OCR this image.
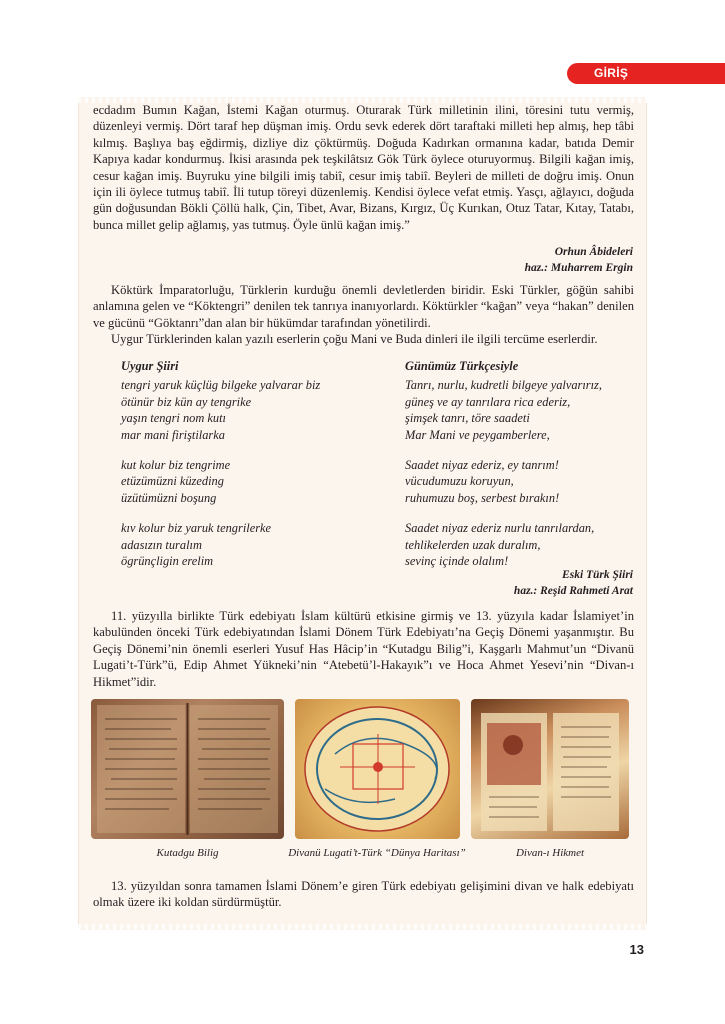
GİRİŞ

ecdadım Bumın Kağan, İstemi Kağan oturmuş. Oturarak Türk milletinin ilini, töresini tutu vermiş, düzenleyi vermiş. Dört taraf hep düşman imiş. Ordu sevk ederek dört taraftaki milleti hep almış, hep tâbi kılmış. Başlıya baş eğdirmiş, dizliye diz çöktürmüş. Doğuda Kadırkan ormanına kadar, batıda Demir Kapıya kadar kondurmuş. İkisi arasında pek teşkilâtsız Gök Türk öylece oturuyormuş. Bilgili kağan imiş, cesur kağan imiş. Buyruku yine bilgili imiş tabiî, cesur imiş tabiî. Beyleri de milleti de doğru imiş. Onun için ili öylece tutmuş tabiî. İli tutup töreyi düzenlemiş. Kendisi öylece vefat etmiş. Yasçı, ağlayıcı, doğuda gün doğusundan Bökli Çöllü halk, Çin, Tibet, Avar, Bizans, Kırgız, Üç Kurıkan, Otuz Tatar, Kıtay, Tatabı, bunca millet gelip ağlamış, yas tutmuş. Öyle ünlü kağan imiş.”

Orhun Âbideleri
haz.: Muharrem Ergin

Köktürk İmparatorluğu, Türklerin kurduğu önemli devletlerden biridir. Eski Türkler, göğün sahibi anlamına gelen ve “Köktengri” denilen tek tanrıya inanıyorlardı. Köktürkler “kağan” veya “hakan” denilen ve gücünü “Göktanrı”dan alan bir hükümdar tarafından yönetilirdi.

Uygur Türklerinden kalan yazılı eserlerin çoğu Mani ve Buda dinleri ile ilgili tercüme eserlerdir.

Uygur Şiiri
tengri yaruk küçlüg bilgeke yalvarar biz
ötünür biz kün ay tengrike
yaşın tengri nom kutı
mar mani firiştilarka
kut kolur biz tengrime
etüzümüzni küzeding
üzütümüzni boşung
kıv kolur biz yaruk tengrilerke
adasızın turalım
ögrünçligin erelim
Günümüz Türkçesiyle
Tanrı, nurlu, kudretli bilgeye yalvarırız,
güneş ve ay tanrılara rica ederiz,
şimşek tanrı, töre saadeti
Mar Mani ve peygamberlere,
Saadet niyaz ederiz, ey tanrım!
vücudumuzu koruyun,
ruhumuzu boş, serbest bırakın!
Saadet niyaz ederiz nurlu tanrılardan,
tehlikelerden uzak duralım,
sevinç içinde olalım!
Eski Türk Şiiri
haz.: Reşid Rahmeti Arat

11. yüzyılla birlikte Türk edebiyatı İslam kültürü etkisine girmiş ve 13. yüzyıla kadar İslamiyet’in kabulünden önceki Türk edebiyatından İslami Dönem Türk Edebiyatı’na Geçiş Dönemi yaşanmıştır. Bu Geçiş Dönemi’nin önemli eserleri Yusuf Has Hâcip’in “Kutadgu Bilig”i, Kaşgarlı Mahmut’un “Divanü Lugati’t-Türk”ü, Edip Ahmet Yükneki’nin “Atebetü’l-Hakayık”ı ve Hoca Ahmet Yesevi’nin “Divan-ı Hikmet”idir.

Kutadgu Bilig	Divanü Lugati’t-Türk “Dünya Haritası”	Divan-ı Hikmet

13. yüzyıldan sonra tamamen İslami Dönem’e giren Türk edebiyatı gelişimini divan ve halk edebiyatı olmak üzere iki koldan sürdürmüştür.

13
